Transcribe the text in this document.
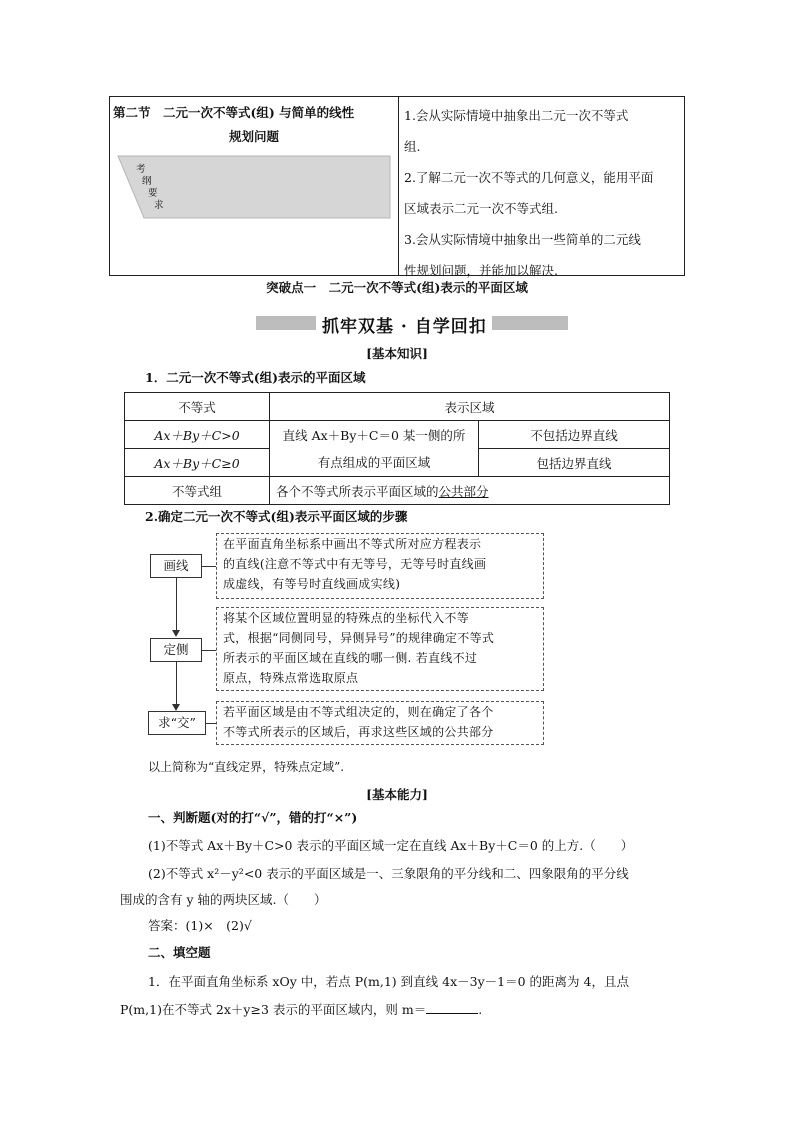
第二节　二元一次不等式(组) 与简单的线性
规划问题
考
纲
要
求
1.会从实际情境中抽象出二元一次不等式
组.
2.了解二元一次不等式的几何意义，能用平面
区域表示二元一次不等式组.
3.会从实际情境中抽象出一些简单的二元线
性规划问题，并能加以解决.
突破点一　二元一次不等式(组)表示的平面区域
抓牢双基 · 自学回扣
[基本知识]
1．二元一次不等式(组)表示的平面区域
不等式	表示区域	
Ax＋By＋C>0	直线 Ax＋By＋C＝0 某一侧的所
有点组成的平面区域	不包括边界直线
Ax＋By＋C≥0		包括边界直线
不等式组	各个不等式所表示平面区域的公共部分	
2.确定二元一次不等式(组)表示平面区域的步骤
画线
在平面直角坐标系中画出不等式所对应方程表示
的直线(注意不等式中有无等号，无等号时直线画
成虚线，有等号时直线画成实线)
定侧
将某个区域位置明显的特殊点的坐标代入不等
式，根据“同侧同号，异侧异号”的规律确定不等式
所表示的平面区域在直线的哪一侧. 若直线不过
原点，特殊点常选取原点
求“交”
若平面区域是由不等式组决定的，则在确定了各个
不等式所表示的区域后，再求这些区域的公共部分
以上简称为“直线定界，特殊点定域”.
[基本能力]
一、判断题(对的打“√”，错的打“×”)
(1)不等式 Ax＋By＋C>0 表示的平面区域一定在直线 Ax＋By＋C＝0 的上方.（　　）
(2)不等式 x²－y²<0 表示的平面区域是一、三象限角的平分线和二、四象限角的平分线
围成的含有 y 轴的两块区域.（　　）
答案：(1)×　(2)√
二、填空题
1．在平面直角坐标系 xOy 中，若点 P(m,1) 到直线 4x－3y－1＝0 的距离为 4，且点
P(m,1)在不等式 2x＋y≥3 表示的平面区域内，则 m＝	.
